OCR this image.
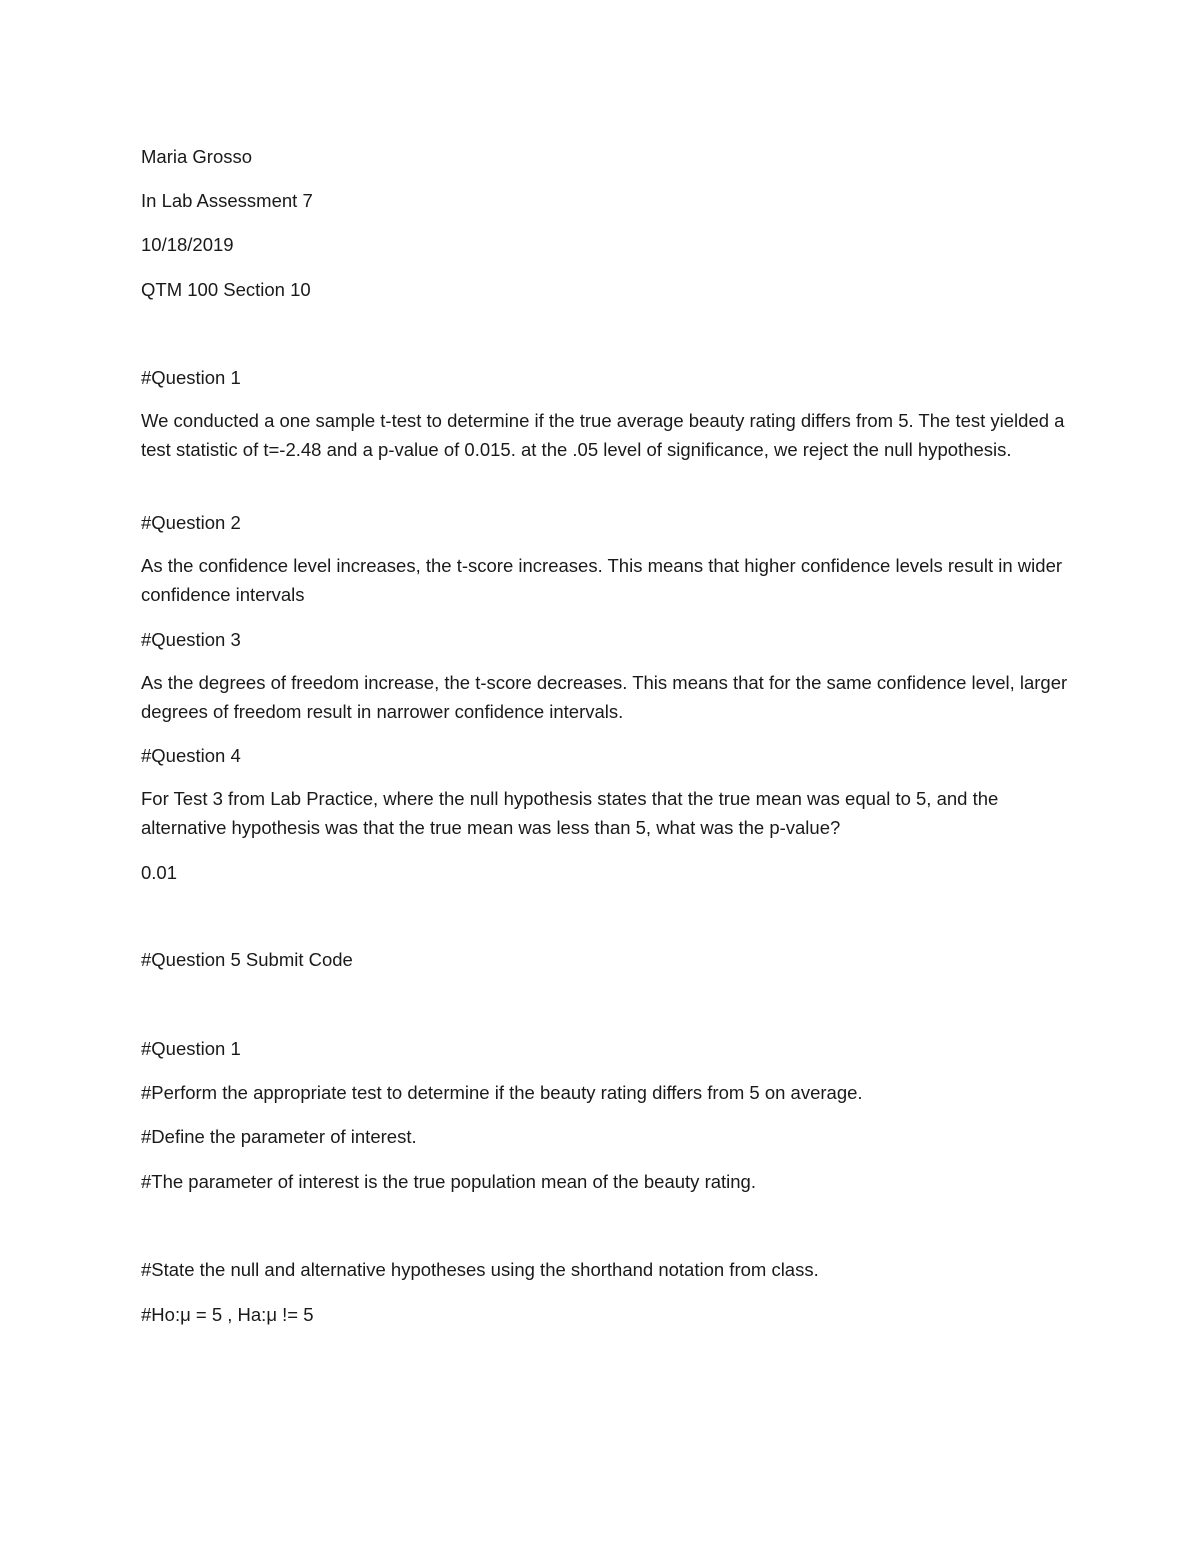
Maria Grosso

In Lab Assessment 7

10/18/2019

QTM 100 Section 10

#Question 1

We conducted a one sample t-test to determine if the true average beauty rating differs from 5. The test yielded a test statistic of t=-2.48 and a p-value of 0.015. at the .05 level of significance, we reject the null hypothesis.

#Question 2

As the confidence level increases, the t-score increases. This means that higher confidence levels result in wider confidence intervals

#Question 3

As the degrees of freedom increase, the t-score decreases. This means that for the same confidence level, larger degrees of freedom result in narrower confidence intervals.

#Question 4

For Test 3 from Lab Practice, where the null hypothesis states that the true mean was equal to 5, and the alternative hypothesis was that the true mean was less than 5, what was the p-value?

0.01

#Question 5 Submit Code

#Question 1

#Perform the appropriate test to determine if the beauty rating differs from 5 on average.

#Define the parameter of interest.

#The parameter of interest is the true population mean of the beauty rating.

#State the null and alternative hypotheses using the shorthand notation from class.

#Ho:μ = 5 , Ha:μ != 5
